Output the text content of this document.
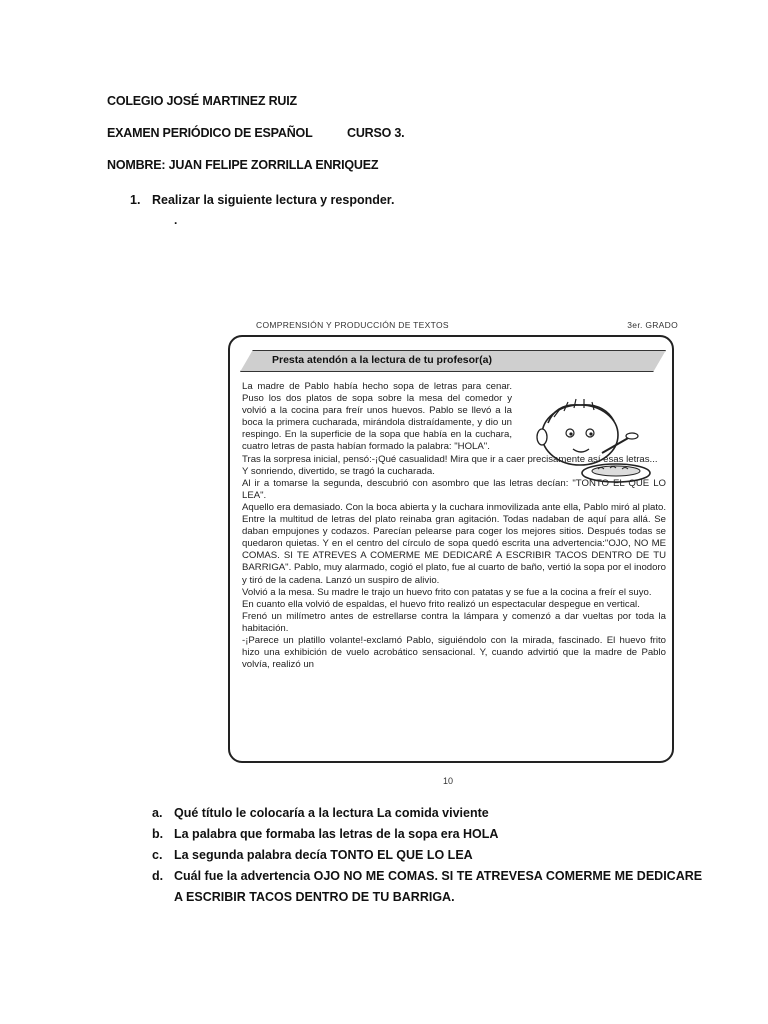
COLEGIO JOSÉ MARTINEZ RUIZ
EXAMEN PERIÓDICO DE ESPAÑOL	CURSO 3.
NOMBRE: JUAN FELIPE ZORRILLA ENRIQUEZ
1. Realizar la siguiente lectura y responder.
.
COMPRENSIÓN Y PRODUCCIÓN DE TEXTOS	3er. GRADO
Presta atendón a la lectura de tu profesor(a)

La madre de Pablo había hecho sopa de letras para cenar. Puso los dos platos de sopa sobre la mesa del comedor y volvió a la cocina para freír unos huevos. Pablo se llevó a la boca la primera cucharada, mirándola distraídamente, y dio un respingo. En la superficie de la sopa que había en la cuchara, cuatro letras de pasta habían formado la palabra: "HOLA".

Tras la sorpresa inicial, pensó:-¡Qué casualidad! Mira que ir a caer precisamente así esas letras...

Y sonriendo, divertido, se tragó la cucharada.

Al ir a tomarse la segunda, descubrió con asombro que las letras decían: "TONTO EL QUE LO LEA".

Aquello era demasiado. Con la boca abierta y la cuchara inmovilizada ante ella, Pablo miró al plato. Entre la multitud de letras del plato reinaba gran agitación. Todas nadaban de aquí para allá. Se daban empujones y codazos. Parecían pelearse para coger los mejores sitios. Después todas se quedaron quietas. Y en el centro del círculo de sopa quedó escrita una advertencia:"OJO, NO ME COMAS. SI TE ATREVES A COMERME ME DEDICARÉ A ESCRIBIR TACOS DENTRO DE TU BARRIGA". Pablo, muy alarmado, cogió el plato, fue al cuarto de baño, vertió la sopa por el inodoro y tiró de la cadena. Lanzó un suspiro de alivio.

Volvió a la mesa. Su madre le trajo un huevo frito con patatas y se fue a la cocina a freír el suyo.

En cuanto ella volvió de espaldas, el huevo frito realizó un espectacular despegue en vertical.

Frenó un milímetro antes de estrellarse contra la lámpara y comenzó a dar vueltas por toda la habitación.

-¡Parece un platillo volante!-exclamó Pablo, siguiéndolo con la mirada, fascinado. El huevo frito hizo una exhibición de vuelo acrobático sensacional. Y, cuando advirtió que la madre de Pablo volvía, realizó un

10
a. Qué título le colocaría a la lectura La comida viviente
b. La palabra que formaba las letras de la sopa era HOLA
c. La segunda palabra decía TONTO EL QUE LO LEA
d. Cuál fue la advertencia OJO NO ME COMAS. SI TE ATREVESA COMERME ME DEDICARE
A ESCRIBIR TACOS DENTRO DE TU BARRIGA.
